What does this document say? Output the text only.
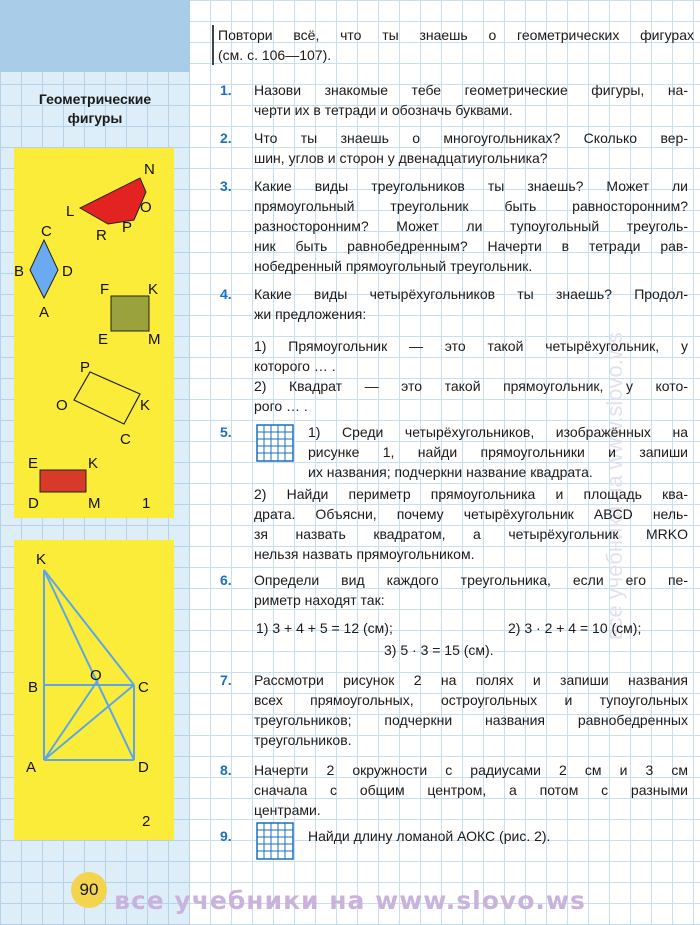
Геометрические
фигуры
N
L	O
R P
C
B	D
A
F	K
E	M
P
O	K
C
E	K
D	M	1
K
B
O
C
A	D
2
90
все учебники на www.slovo.ws
Повтори всё, что ты знаешь о геометрических фигурах
(см. с. 106—107).
1. Назови знакомые тебе геометрические фигуры, на-
черти их в тетради и обозначь буквами.
2. Что ты знаешь о многоугольниках? Сколько вер-
шин, углов и сторон у двенадцатиугольника?
3. Какие виды треугольников ты знаешь? Может ли
прямоугольный треугольник быть равносторонним?
разносторонним? Может ли тупоугольный треуголь-
ник быть равнобедренным? Начерти в тетради рав-
нобедренный прямоугольный треугольник.
4. Какие виды четырёхугольников ты знаешь? Продол-
жи предложения:
1) Прямоугольник — это такой четырёхугольник, у
которого … .
2) Квадрат — это такой прямоугольник, у кото-
рого … .
5.	1) Среди четырёхугольников, изображённых на
рисунке 1, найди прямоугольники и запиши
их названия; подчеркни название квадрата.
2) Найди периметр прямоугольника и площадь ква-
драта. Объясни, почему четырёхугольник ABCD нель-
зя назвать квадратом, а четырёхугольник MRKO
нельзя назвать прямоугольником.
6. Определи вид каждого треугольника, если его пе-
риметр находят так:
1) 3 + 4 + 5 = 12 (см);	2) 3 · 2 + 4 = 10 (см);
3) 5 · 3 = 15 (см).
7. Рассмотри рисунок 2 на полях и запиши названия
всех прямоугольных, остроугольных и тупоугольных
треугольников; подчеркни названия равнобедренных
треугольников.
8. Начерти 2 окружности с радиусами 2 см и 3 см
сначала с общим центром, а потом с разными
центрами.
9.	Найди длину ломаной АОКС (рис. 2).
все учебники на www.slovo.ws
